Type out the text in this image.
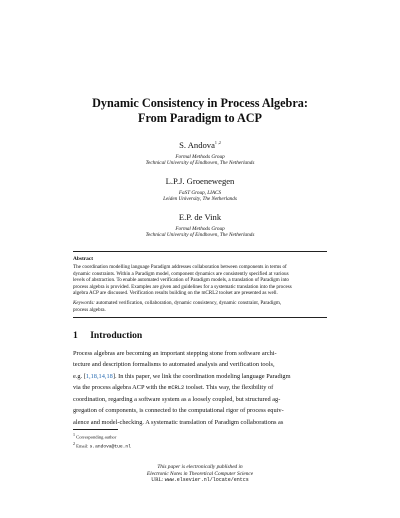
Dynamic Consistency in Process Algebra:
From Paradigm to ACP
S. Andova$^{1 ,2}$
Formal Methods Group
Technical University of Eindhoven, The Netherlands
L.P.J. Groenewegen
FaST Group, LIACS
Leiden University, The Netherlands
E.P. de Vink
Formal Methods Group
Technical University of Eindhoven, The Netherlands
Abstract
The coordination modelling language Paradigm addresses collaboration between components in terms of
dynamic constraints. Within a Paradigm model, component dynamics are consistently specified at various
levels of abstraction. To enable automated verification of Paradigm models, a translation of Paradigm into
process algebra is provided. Examples are given and guidelines for a systematic translation into the process
algebra ACP are discussed. Verification results building on the mCRL2 toolset are presented as well.
Keywords: automated verification, collaboration, dynamic consistency, dynamic constraint, Paradigm,
process algebra.
1 Introduction
Process algebras are becoming an important stepping stone from software archi-
tecture and description formalisms to automated analysis and verification tools,
e.g. [1,18,14,18]. In this paper, we link the coordination modeling language Paradigm
via the process algebra ACP with the mCRL2 toolset. This way, the flexibility of
coordination, regarding a software system as a loosely coupled, but structured ag-
gregation of components, is connected to the computational rigor of process equiv-
alence and model-checking. A systematic translation of Paradigm collaborations as
1 Corresponding author
2 Email: s.andova@tue.nl
This paper is electronically published in
Electronic Notes in Theoretical Computer Science
URL: www.elsevier.nl/locate/entcs
